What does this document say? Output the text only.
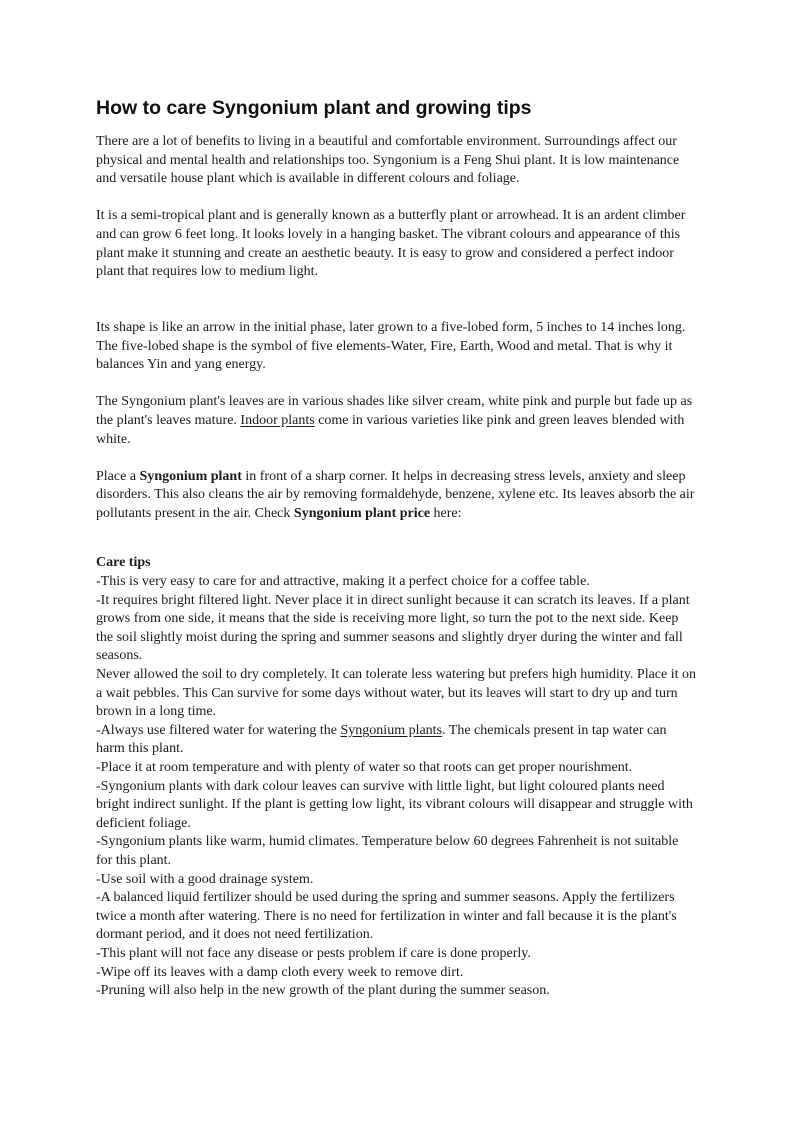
How to care Syngonium plant and growing tips

There are a lot of benefits to living in a beautiful and comfortable environment. Surroundings affect our physical and mental health and relationships too. Syngonium is a Feng Shui plant. It is low maintenance and versatile house plant which is available in different colours and foliage.

It is a semi-tropical plant and is generally known as a butterfly plant or arrowhead. It is an ardent climber and can grow 6 feet long. It looks lovely in a hanging basket. The vibrant colours and appearance of this plant make it stunning and create an aesthetic beauty. It is easy to grow and considered a perfect indoor plant that requires low to medium light.

Its shape is like an arrow in the initial phase, later grown to a five-lobed form, 5 inches to 14 inches long. The five-lobed shape is the symbol of five elements-Water, Fire, Earth, Wood and metal. That is why it balances Yin and yang energy.

The Syngonium plant's leaves are in various shades like silver cream, white pink and purple but fade up as the plant's leaves mature. Indoor plants come in various varieties like pink and green leaves blended with white.

Place a Syngonium plant in front of a sharp corner. It helps in decreasing stress levels, anxiety and sleep disorders. This also cleans the air by removing formaldehyde, benzene, xylene etc. Its leaves absorb the air pollutants present in the air. Check Syngonium plant price here:

Care tips

-This is very easy to care for and attractive, making it a perfect choice for a coffee table.

-It requires bright filtered light. Never place it in direct sunlight because it can scratch its leaves. If a plant grows from one side, it means that the side is receiving more light, so turn the pot to the next side. Keep the soil slightly moist during the spring and summer seasons and slightly dryer during the winter and fall seasons.

Never allowed the soil to dry completely. It can tolerate less watering but prefers high humidity. Place it on a wait pebbles. This Can survive for some days without water, but its leaves will start to dry up and turn brown in a long time.

-Always use filtered water for watering the Syngonium plants. The chemicals present in tap water can harm this plant.

-Place it at room temperature and with plenty of water so that roots can get proper nourishment.

-Syngonium plants with dark colour leaves can survive with little light, but light coloured plants need bright indirect sunlight. If the plant is getting low light, its vibrant colours will disappear and struggle with deficient foliage.

-Syngonium plants like warm, humid climates. Temperature below 60 degrees Fahrenheit is not suitable for this plant.

-Use soil with a good drainage system.

-A balanced liquid fertilizer should be used during the spring and summer seasons. Apply the fertilizers twice a month after watering. There is no need for fertilization in winter and fall because it is the plant's dormant period, and it does not need fertilization.

-This plant will not face any disease or pests problem if care is done properly.

-Wipe off its leaves with a damp cloth every week to remove dirt.

-Pruning will also help in the new growth of the plant during the summer season.
